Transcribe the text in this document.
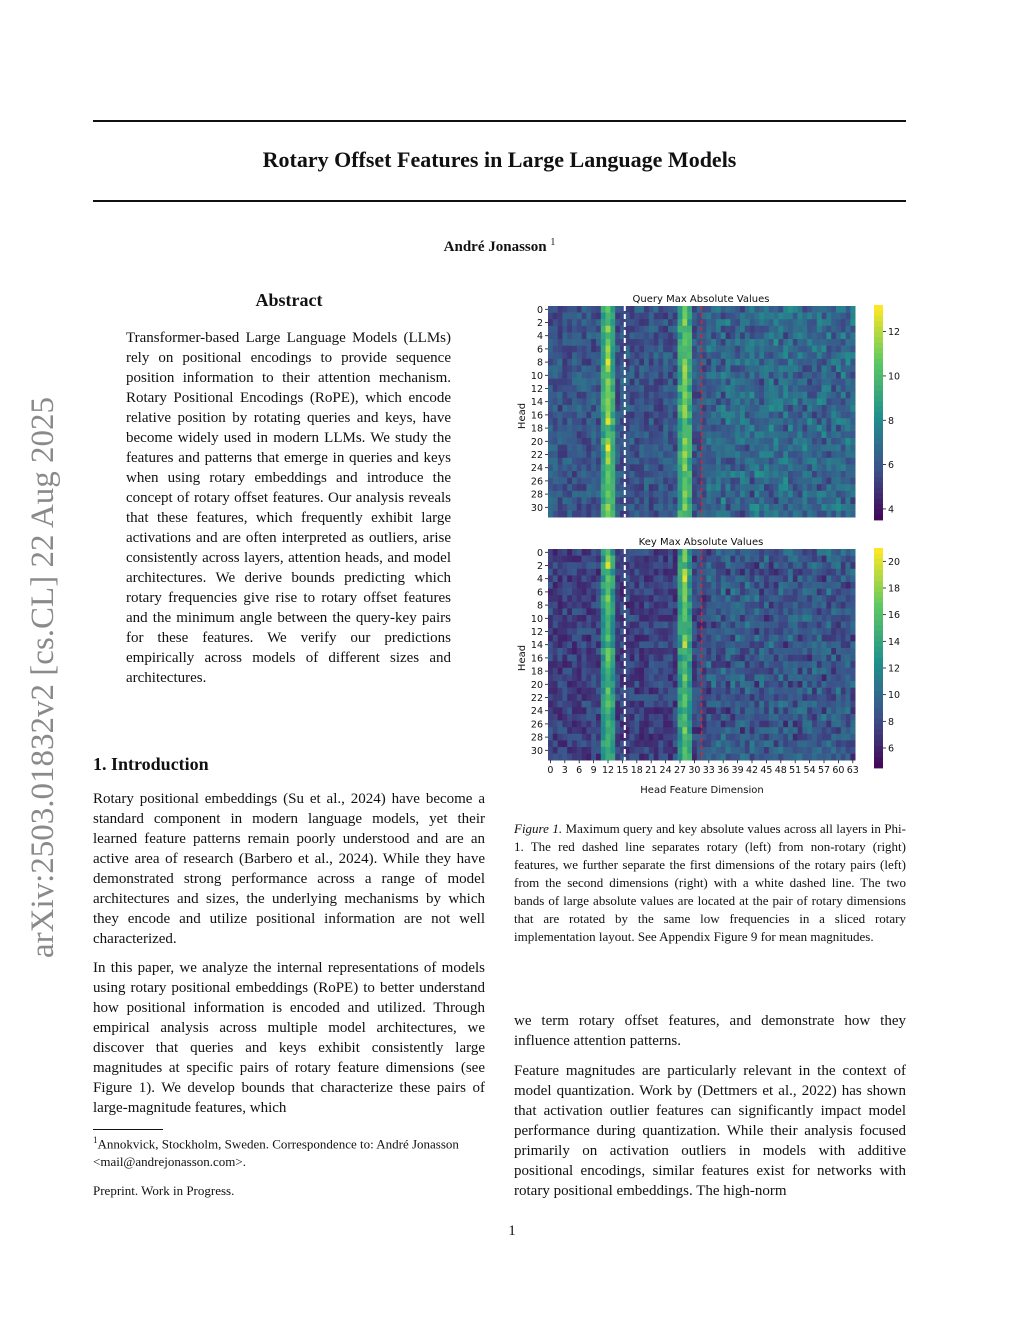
Rotary Offset Features in Large Language Models
André Jonasson $^1$
arXiv:2503.01832v2 [cs.CL] 22 Aug 2025
Abstract
Transformer-based Large Language Models (LLMs) rely on positional encodings to provide sequence position information to their attention mechanism. Rotary Positional Encodings (RoPE), which encode relative position by rotating queries and keys, have become widely used in modern LLMs. We study the features and patterns that emerge in queries and keys when using rotary embeddings and introduce the concept of rotary offset features. Our analysis reveals that these features, which frequently exhibit large activations and are often interpreted as outliers, arise consistently across layers, attention heads, and model architectures. We derive bounds predicting which rotary frequencies give rise to rotary offset features and the minimum angle between the query-key pairs for these features. We verify our predictions empirically across models of different sizes and architectures.
1. Introduction

Rotary positional embeddings (Su et al., 2024) have become a standard component in modern language models, yet their learned feature patterns remain poorly understood and are an active area of research (Barbero et al., 2024). While they have demonstrated strong performance across a range of model architectures and sizes, the underlying mechanisms by which they encode and utilize positional information are not well characterized.

In this paper, we analyze the internal representations of models using rotary positional embeddings (RoPE) to better understand how positional information is encoded and utilized. Through empirical analysis across multiple model architectures, we discover that queries and keys exhibit consistently large magnitudes at specific pairs of rotary feature dimensions (see Figure 1). We develop bounds that characterize these pairs of large-magnitude features, which

$^1$Annokvick, Stockholm, Sweden. Correspondence to: André Jonasson <mail@andrejonasson.com>.
Preprint. Work in Progress.
Query Max Absolute Values
0
2
4
6
8
10
12
14
16
18
20
22
24
26
28
30
Head
4
6
8
10
12
Key Max Absolute Values
0
2
4
6
8
10
12
14
16
18
20
22
24
26
28
30
Head
0 3 6 9 12 15 18 21 24 27 30 33 36 39 42 45 48 51 54 57 60 63
Head Feature Dimension
6
8
10
12
14
16
18
20
Figure 1. Maximum query and key absolute values across all layers in Phi-1. The red dashed line separates rotary (left) from non-rotary (right) features, we further separate the first dimensions of the rotary pairs (left) from the second dimensions (right) with a white dashed line. The two bands of large absolute values are located at the pair of rotary dimensions that are rotated by the same low frequencies in a sliced rotary implementation layout. See Appendix Figure 9 for mean magnitudes.

we term rotary offset features, and demonstrate how they influence attention patterns.

Feature magnitudes are particularly relevant in the context of model quantization. Work by (Dettmers et al., 2022) has shown that activation outlier features can significantly impact model performance during quantization. While their analysis focused primarily on activation outliers in models with additive positional encodings, similar features exist for networks with rotary positional embeddings. The high-norm

1
